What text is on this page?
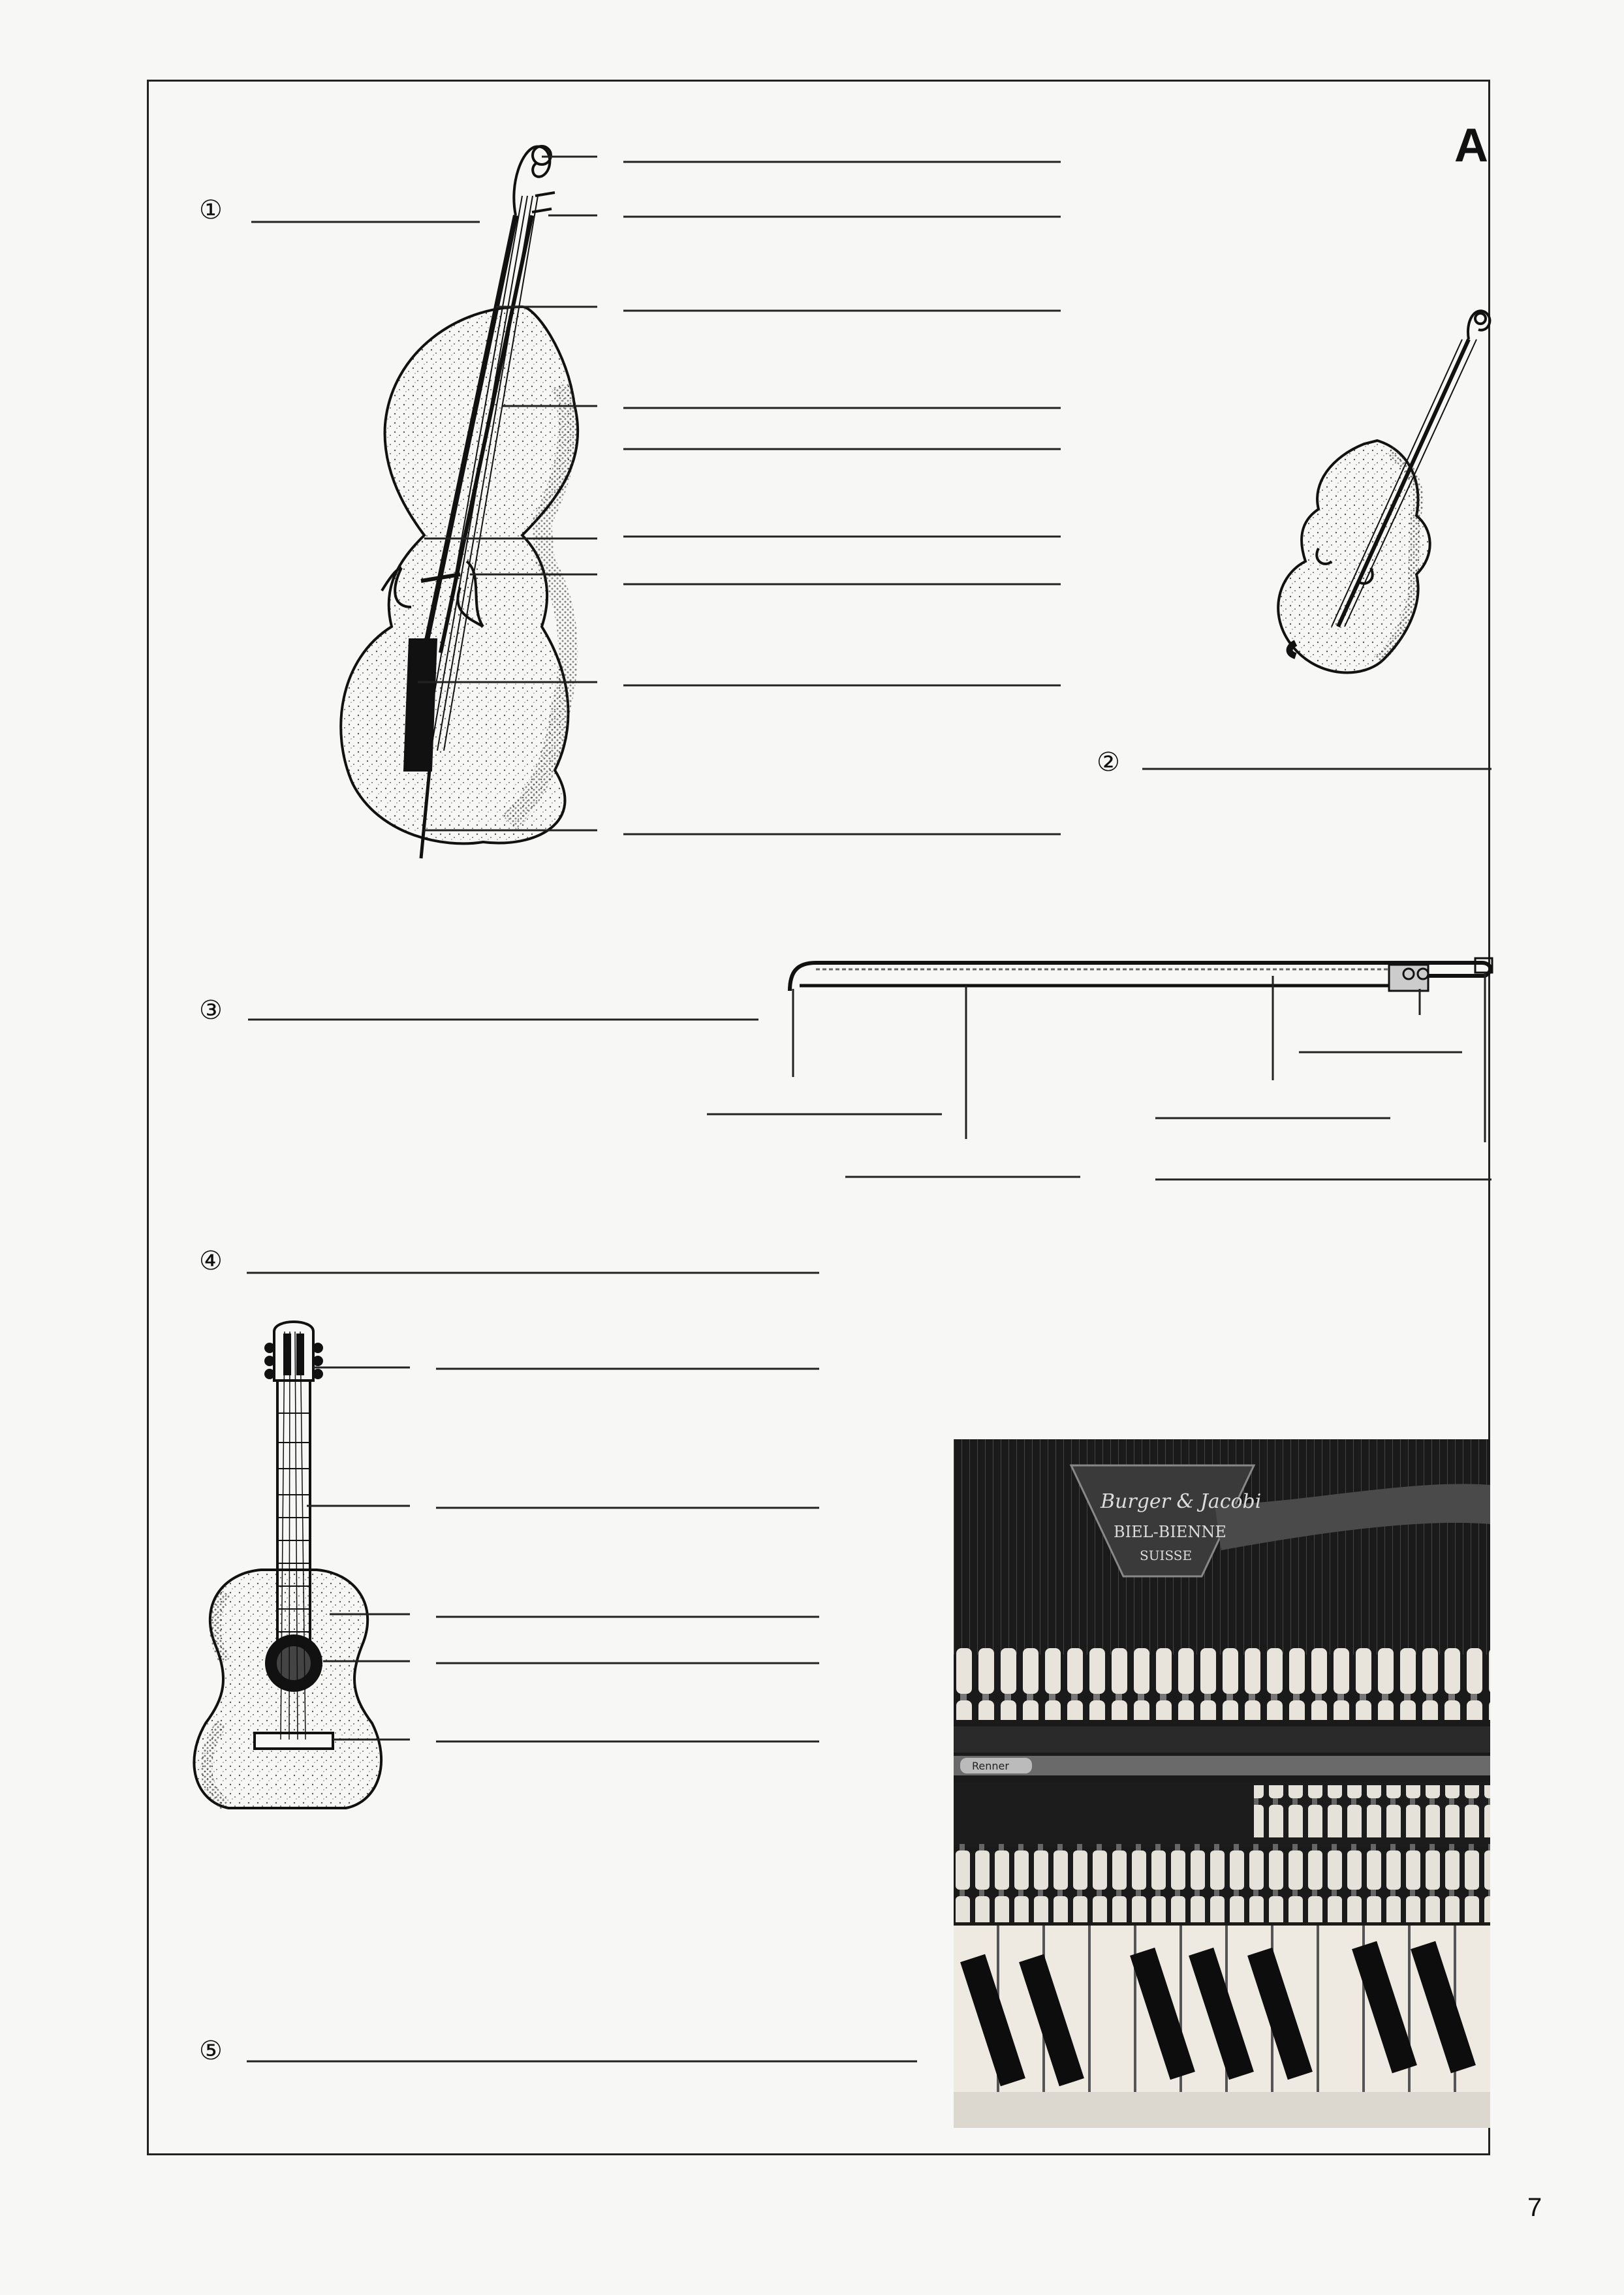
A
7
①
②
③
④
⑤
Burger & Jacobi
BIEL-BIENNE
SUISSE
Renner
